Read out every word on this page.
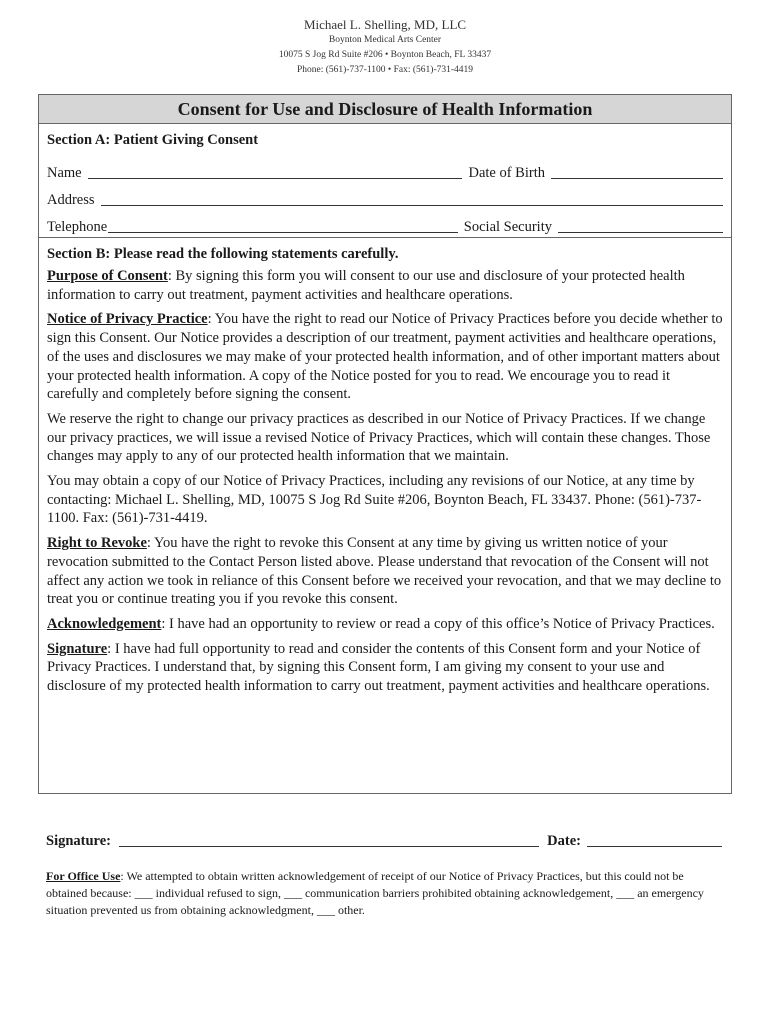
Michael L. Shelling, MD, LLC
Boynton Medical Arts Center
10075 S Jog Rd Suite #206 • Boynton Beach, FL 33437
Phone: (561)-737-1100 • Fax: (561)-731-4419
Consent for Use and Disclosure of Health Information
Section A: Patient Giving Consent
Name	Date of Birth
Address
Telephone	Social Security
Section B: Please read the following statements carefully.

Purpose of Consent: By signing this form you will consent to our use and disclosure of your protected health information to carry out treatment, payment activities and healthcare operations.

Notice of Privacy Practice: You have the right to read our Notice of Privacy Practices before you decide whether to sign this Consent. Our Notice provides a description of our treatment, payment activities and healthcare operations, of the uses and disclosures we may make of your protected health information, and of other important matters about your protected health information. A copy of the Notice posted for you to read. We encourage you to read it carefully and completely before signing the consent.

We reserve the right to change our privacy practices as described in our Notice of Privacy Practices. If we change our privacy practices, we will issue a revised Notice of Privacy Practices, which will contain these changes. Those changes may apply to any of our protected health information that we maintain.

You may obtain a copy of our Notice of Privacy Practices, including any revisions of our Notice, at any time by contacting: Michael L. Shelling, MD, 10075 S Jog Rd Suite #206, Boynton Beach, FL 33437. Phone: (561)-737-1100. Fax: (561)-731-4419.

Right to Revoke: You have the right to revoke this Consent at any time by giving us written notice of your revocation submitted to the Contact Person listed above. Please understand that revocation of the Consent will not affect any action we took in reliance of this Consent before we received your revocation, and that we may decline to treat you or continue treating you if you revoke this consent.

Acknowledgement: I have had an opportunity to review or read a copy of this office’s Notice of Privacy Practices.

Signature: I have had full opportunity to read and consider the contents of this Consent form and your Notice of Privacy Practices. I understand that, by signing this Consent form, I am giving my consent to your use and disclosure of my protected health information to carry out treatment, payment activities and healthcare operations.

Signature:	Date:
For Office Use: We attempted to obtain written acknowledgement of receipt of our Notice of Privacy Practices, but this could not be obtained because: ___ individual refused to sign, ___ communication barriers prohibited obtaining acknowledgement, ___ an emergency situation prevented us from obtaining acknowledgment, ___ other.
